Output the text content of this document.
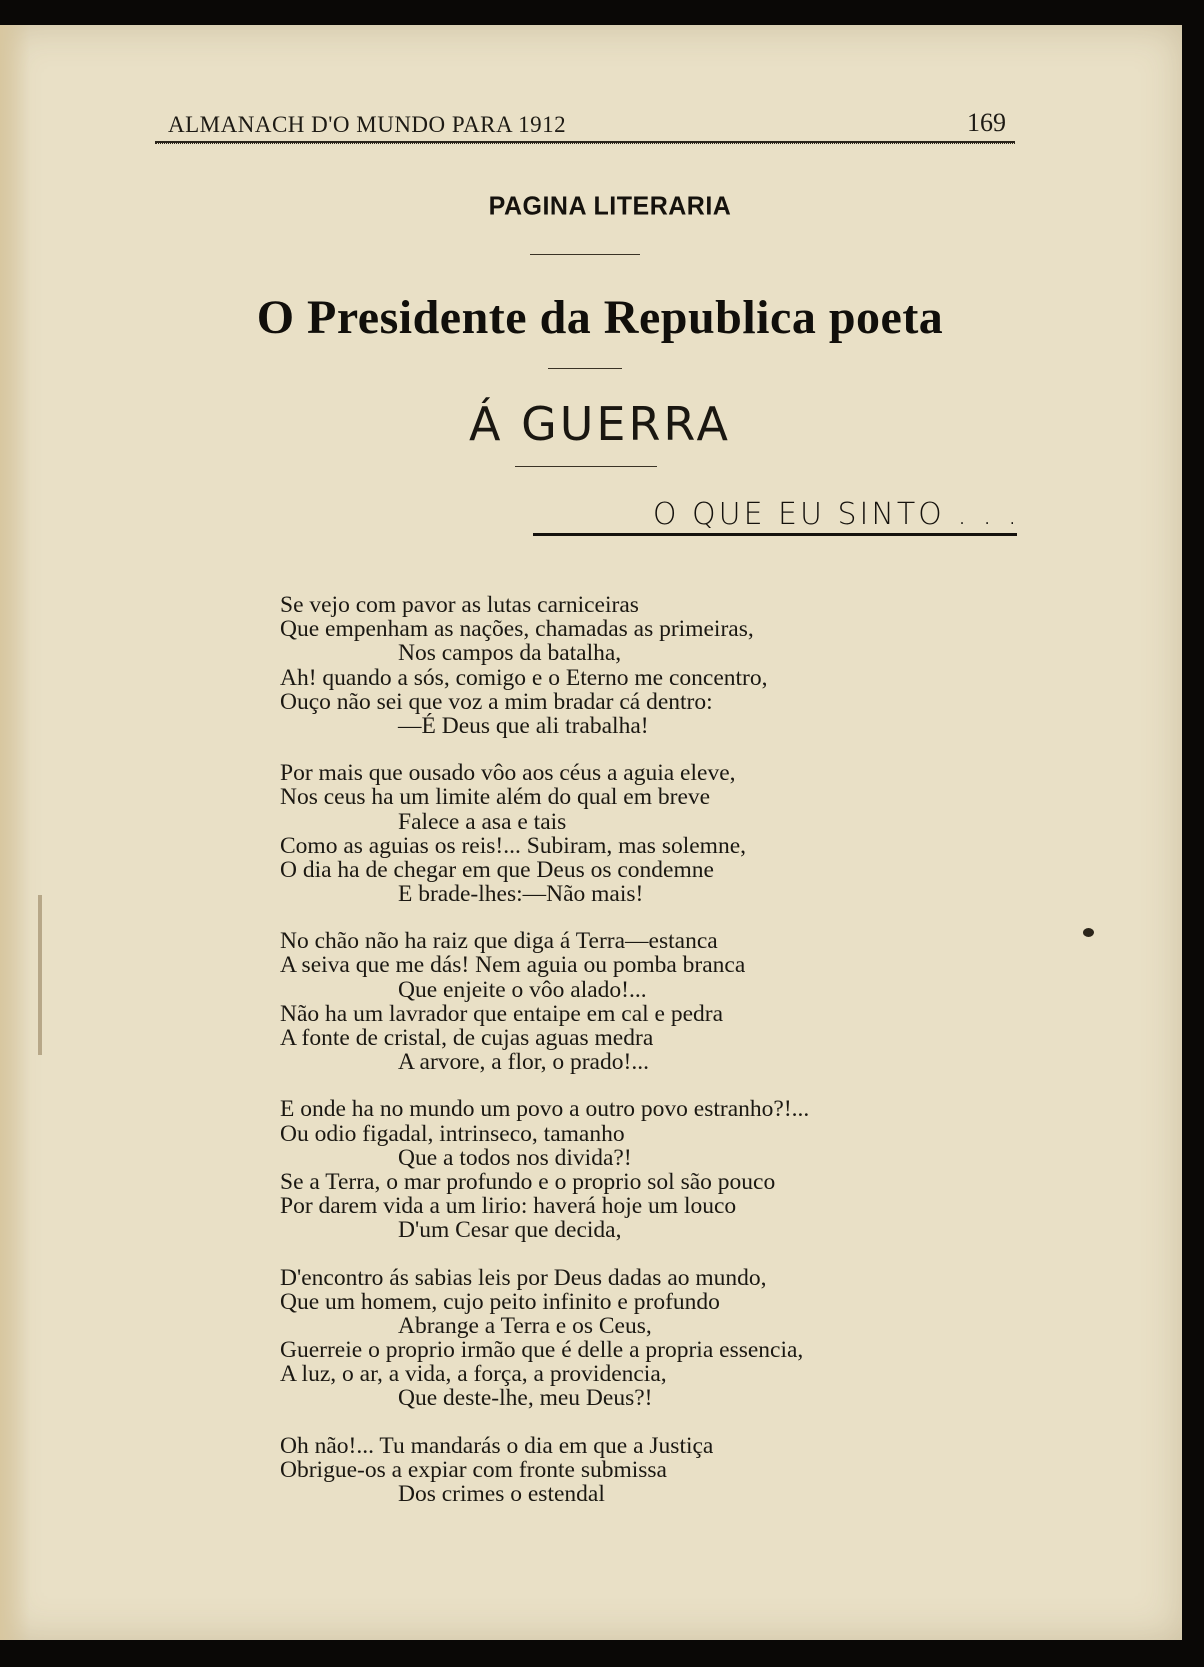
ALMANACH D'O MUNDO PARA 1912	169
PAGINA LITERARIA
O Presidente da Republica poeta
Á GUERRA
O QUE EU SINTO . . .
Se vejo com pavor as lutas carniceiras
Que empenham as nações, chamadas as primeiras,
Nos campos da batalha,
Ah! quando a sós, comigo e o Eterno me concentro,
Ouço não sei que voz a mim bradar cá dentro:
—É Deus que ali trabalha!
Por mais que ousado vôo aos céus a aguia eleve,
Nos ceus ha um limite além do qual em breve
Falece a asa e tais
Como as aguias os reis!... Subiram, mas solemne,
O dia ha de chegar em que Deus os condemne
E brade-lhes:—Não mais!
No chão não ha raiz que diga á Terra—estanca
A seiva que me dás! Nem aguia ou pomba branca
Que enjeite o vôo alado!...
Não ha um lavrador que entaipe em cal e pedra
A fonte de cristal, de cujas aguas medra
A arvore, a flor, o prado!...
E onde ha no mundo um povo a outro povo estranho?!...
Ou odio figadal, intrinseco, tamanho
Que a todos nos divida?!
Se a Terra, o mar profundo e o proprio sol são pouco
Por darem vida a um lirio: haverá hoje um louco
D'um Cesar que decida,
D'encontro ás sabias leis por Deus dadas ao mundo,
Que um homem, cujo peito infinito e profundo
Abrange a Terra e os Ceus,
Guerreie o proprio irmão que é delle a propria essencia,
A luz, o ar, a vida, a força, a providencia,
Que deste-lhe, meu Deus?!
Oh não!... Tu mandarás o dia em que a Justiça
Obrigue-os a expiar com fronte submissa
Dos crimes o estendal
